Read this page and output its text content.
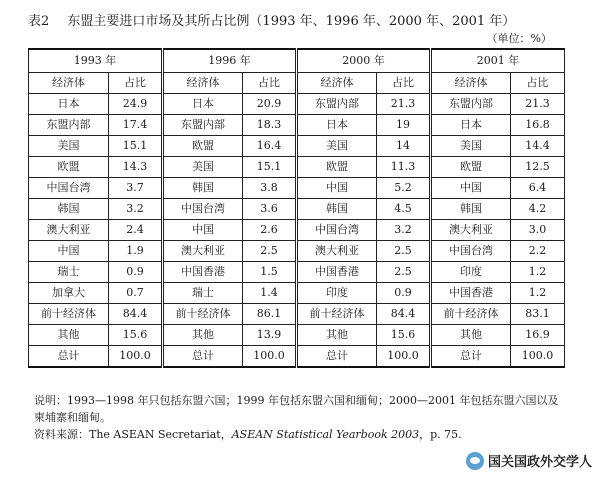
表2 东盟主要进口市场及其所占比例（1993 年、1996 年、2000 年、2001 年）
（单位：%）
1993 年		1996 年		2000 年		2001 年	
经济体	占比	经济体	占比	经济体	占比	经济体	占比
日本	24.9	日本	20.9	东盟内部	21.3	东盟内部	21.3
东盟内部	17.4	东盟内部	18.3	日本	19	日本	16.8
美国	15.1	欧盟	16.4	美国	14	美国	14.4
欧盟	14.3	美国	15.1	欧盟	11.3	欧盟	12.5
中国台湾	3.7	韩国	3.8	中国	5.2	中国	6.4
韩国	3.2	中国台湾	3.6	韩国	4.5	韩国	4.2
澳大利亚	2.4	中国	2.6	中国台湾	3.2	澳大利亚	3.0
中国	1.9	澳大利亚	2.5	澳大利亚	2.5	中国台湾	2.2
瑞士	0.9	中国香港	1.5	中国香港	2.5	印度	1.2
加拿大	0.7	瑞士	1.4	印度	0.9	中国香港	1.2
前十经济体	84.4	前十经济体	86.1	前十经济体	84.4	前十经济体	83.1
其他	15.6	其他	13.9	其他	15.6	其他	16.9
总计	100.0	总计	100.0	总计	100.0	总计	100.0
说明：1993—1998 年只包括东盟六国；1999 年包括东盟六国和缅甸；2000—2001 年包括东盟六国以及柬埔寨和缅甸。
资料来源：The ASEAN Secretariat，ASEAN Statistical Yearbook 2003，p. 75.
国关国政外交学人
